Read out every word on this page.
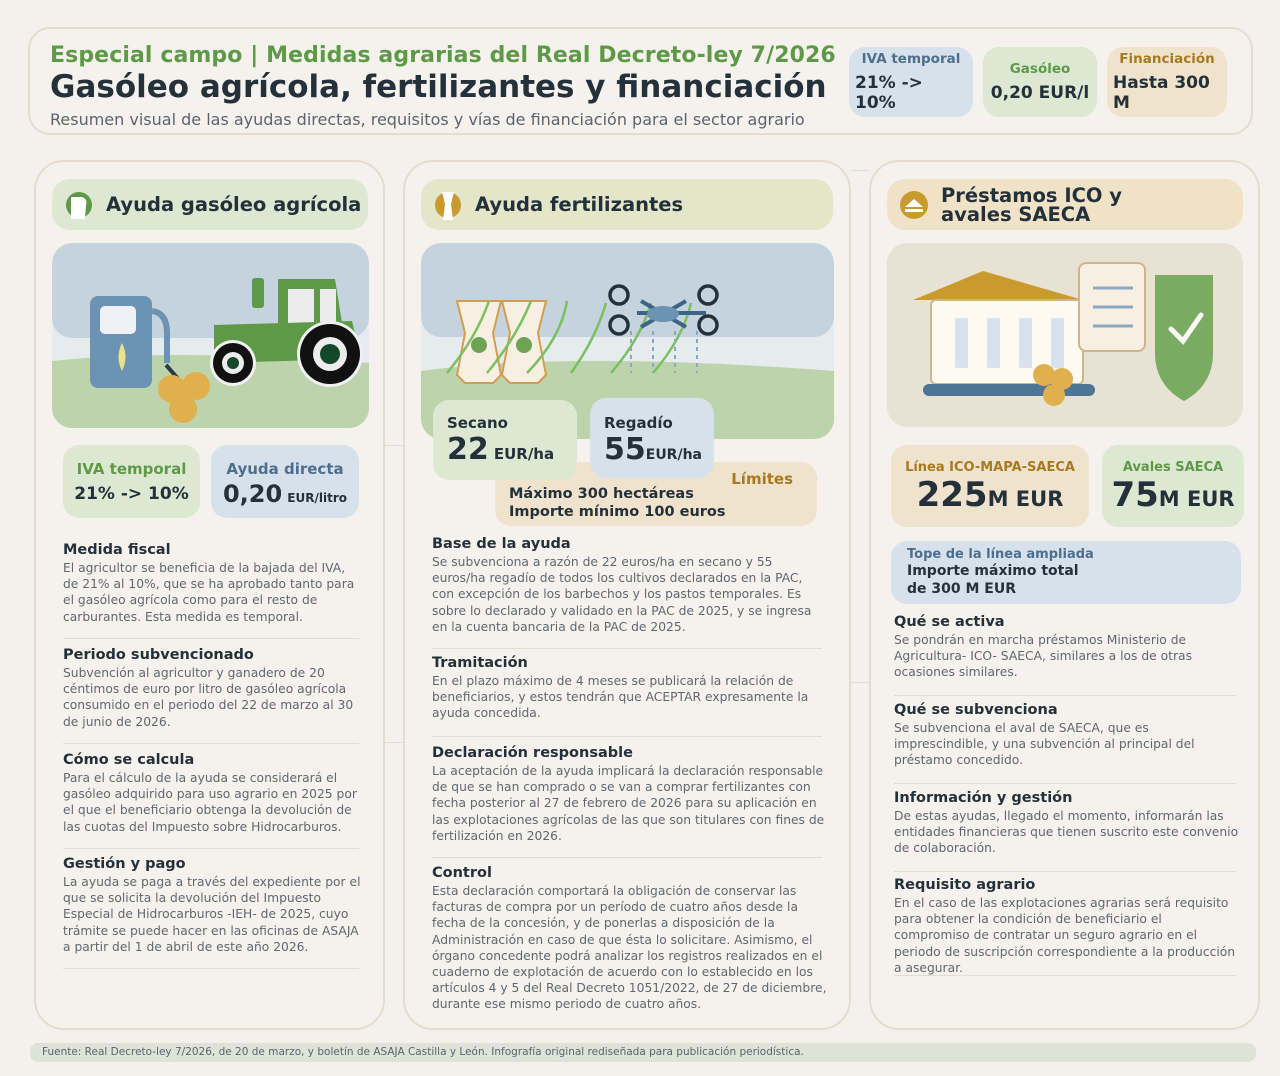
Especial campo | Medidas agrarias del Real Decreto-ley 7/2026
Gasóleo agrícola, fertilizantes y financiación
Resumen visual de las ayudas directas, requisitos y vías de financiación para el sector agrario
IVA temporal
21% -> 10%
Gasóleo
0,20 EUR/l
Financiación
Hasta 300 M
Ayuda gasóleo agrícola
IVA temporal
21% -> 10%
Ayuda directa
0,20 EUR/litro
Medida fiscal
El agricultor se beneficia de la bajada del IVA, de 21% al 10%, que se ha aprobado tanto para el gasóleo agrícola como para el resto de carburantes. Esta medida es temporal.
Periodo subvencionado
Subvención al agricultor y ganadero de 20 céntimos de euro por litro de gasóleo agrícola consumido en el periodo del 22 de marzo al 30 de junio de 2026.
Cómo se calcula
Para el cálculo de la ayuda se considerará el gasóleo adquirido para uso agrario en 2025 por el que el beneficiario obtenga la devolución de las cuotas del Impuesto sobre Hidrocarburos.
Gestión y pago
La ayuda se paga a través del expediente por el que se solicita la devolución del Impuesto Especial de Hidrocarburos -IEH- de 2025, cuyo trámite se puede hacer en las oficinas de ASAJA a partir del 1 de abril de este año 2026.
Ayuda fertilizantes
Límites
Máximo 300 hectáreas
Importe mínimo 100 euros
Secano
22 EUR/ha
Regadío
55EUR/ha
Base de la ayuda
Se subvenciona a razón de 22 euros/ha en secano y 55 euros/ha regadío de todos los cultivos declarados en la PAC, con excepción de los barbechos y los pastos temporales. Es sobre lo declarado y validado en la PAC de 2025, y se ingresa en la cuenta bancaria de la PAC de 2025.
Tramitación
En el plazo máximo de 4 meses se publicará la relación de beneficiarios, y estos tendrán que ACEPTAR expresamente la ayuda concedida.
Declaración responsable
La aceptación de la ayuda implicará la declaración responsable de que se han comprado o se van a comprar fertilizantes con fecha posterior al 27 de febrero de 2026 para su aplicación en las explotaciones agrícolas de las que son titulares con fines de fertilización en 2026.
Control
Esta declaración comportará la obligación de conservar las facturas de compra por un período de cuatro años desde la fecha de la concesión, y de ponerlas a disposición de la Administración en caso de que ésta lo solicitare. Asimismo, el órgano concedente podrá analizar los registros realizados en el cuaderno de explotación de acuerdo con lo establecido en los artículos 4 y 5 del Real Decreto 1051/2022, de 27 de diciembre, durante ese mismo periodo de cuatro años.
Préstamos ICO y
avales SAECA
Línea ICO-MAPA-SAECA
225M EUR
Avales SAECA
75M EUR
Tope de la línea ampliada
Importe máximo total
de 300 M EUR
Qué se activa
Se pondrán en marcha préstamos Ministerio de Agricultura- ICO- SAECA, similares a los de otras ocasiones similares.
Qué se subvenciona
Se subvenciona el aval de SAECA, que es imprescindible, y una subvención al principal del préstamo concedido.
Información y gestión
De estas ayudas, llegado el momento, informarán las entidades financieras que tienen suscrito este convenio de colaboración.
Requisito agrario
En el caso de las explotaciones agrarias será requisito para obtener la condición de beneficiario el compromiso de contratar un seguro agrario en el periodo de suscripción correspondiente a la producción a asegurar.
Fuente: Real Decreto-ley 7/2026, de 20 de marzo, y boletín de ASAJA Castilla y León. Infografía original rediseñada para publicación periodística.
